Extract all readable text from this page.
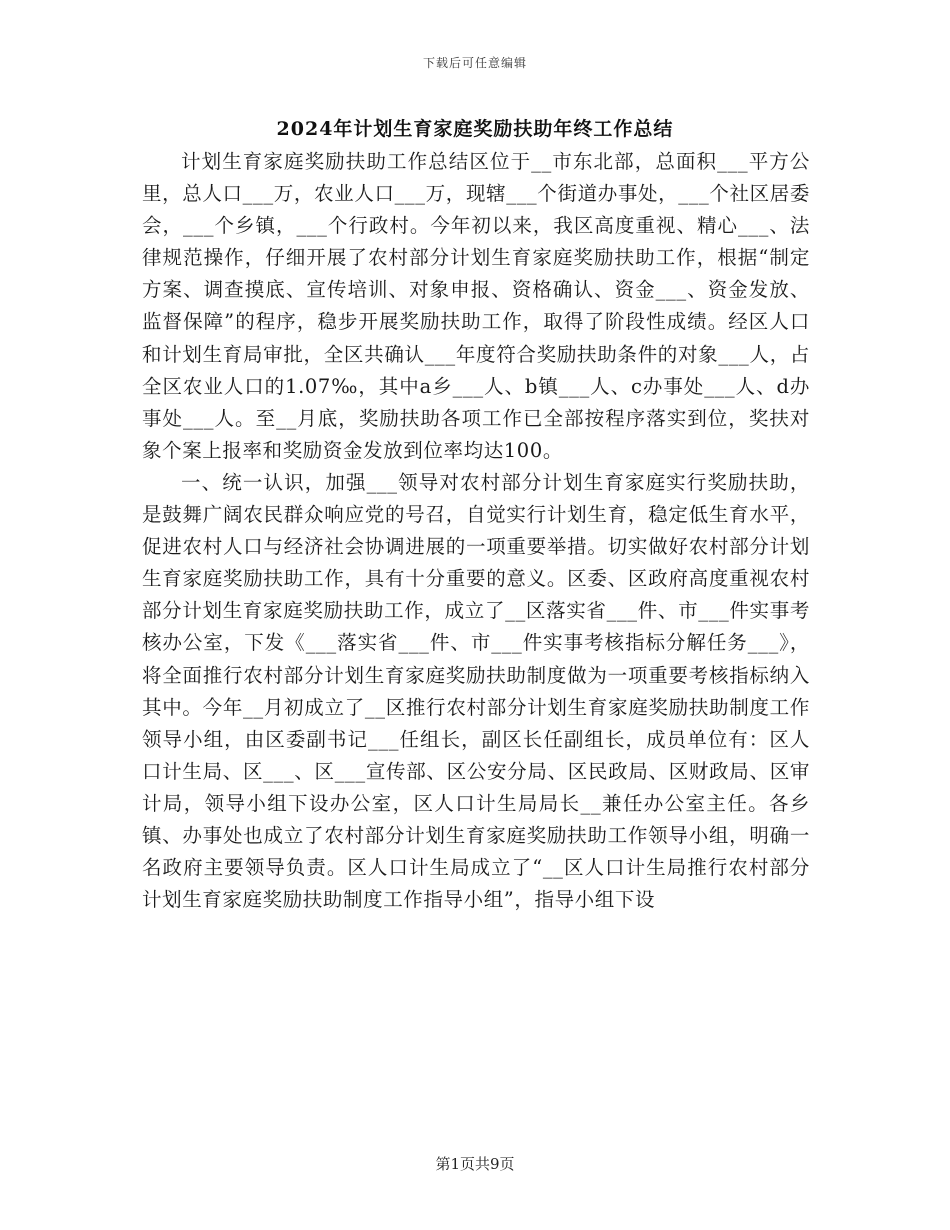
下载后可任意编辑
2024年计划生育家庭奖励扶助年终工作总结

计划生育家庭奖励扶助工作总结区位于__市东北部，总面积___平方公里，总人口___万，农业人口___万，现辖___个街道办事处，___个社区居委会，___个乡镇，___个行政村。今年初以来，我区高度重视、精心___、法律规范操作，仔细开展了农村部分计划生育家庭奖励扶助工作，根据“制定方案、调查摸底、宣传培训、对象申报、资格确认、资金___、资金发放、监督保障”的程序，稳步开展奖励扶助工作，取得了阶段性成绩。经区人口和计划生育局审批，全区共确认___年度符合奖励扶助条件的对象___人，占全区农业人口的1.07‰，其中a乡___人、b镇___人、c办事处___人、d办事处___人。至__月底，奖励扶助各项工作已全部按程序落实到位，奖扶对象个案上报率和奖励资金发放到位率均达100。

一、统一认识，加强___领导对农村部分计划生育家庭实行奖励扶助，是鼓舞广阔农民群众响应党的号召，自觉实行计划生育，稳定低生育水平，促进农村人口与经济社会协调进展的一项重要举措。切实做好农村部分计划生育家庭奖励扶助工作，具有十分重要的意义。区委、区政府高度重视农村部分计划生育家庭奖励扶助工作，成立了__区落实省___件、市___件实事考核办公室，下发《___落实省___件、市___件实事考核指标分解任务___》，将全面推行农村部分计划生育家庭奖励扶助制度做为一项重要考核指标纳入其中。今年__月初成立了__区推行农村部分计划生育家庭奖励扶助制度工作领导小组，由区委副书记___任组长，副区长任副组长，成员单位有：区人口计生局、区___、区___宣传部、区公安分局、区民政局、区财政局、区审计局，领导小组下设办公室，区人口计生局局长__兼任办公室主任。各乡镇、办事处也成立了农村部分计划生育家庭奖励扶助工作领导小组，明确一名政府主要领导负责。区人口计生局成立了“__区人口计生局推行农村部分计划生育家庭奖励扶助制度工作指导小组”，指导小组下设

第1页共9页
